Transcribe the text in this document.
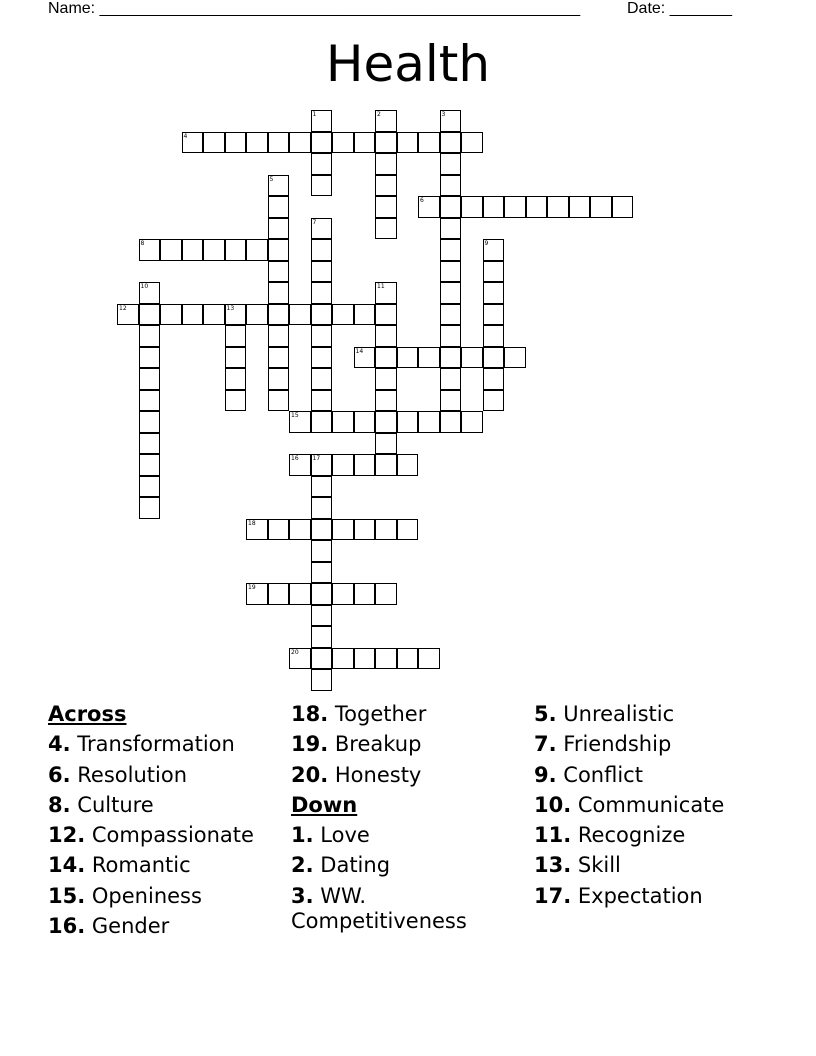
Name: ______________________________________________________	Date: _______
Health
1	2	3
4
5
6
7
8	9
10	11
12	13
14
15
16 17
18
19
20
Across
4. Transformation
6. Resolution
8. Culture
12. Compassionate
14. Romantic
15. Openiness
16. Gender
18. Together
19. Breakup
20. Honesty
Down
1. Love
2. Dating
3. WW. Competitiveness
5. Unrealistic
7. Friendship
9. Conflict
10. Communicate
11. Recognize
13. Skill
17. Expectation
